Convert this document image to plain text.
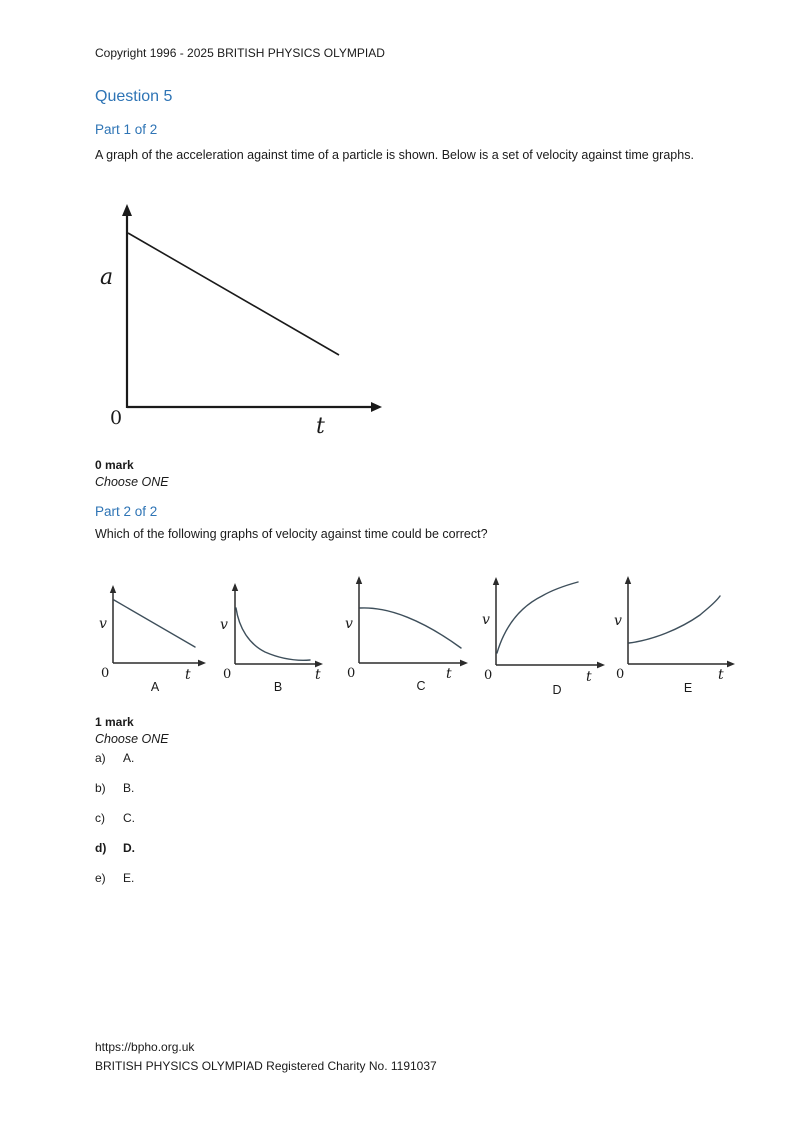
Copyright 1996 - 2025 BRITISH PHYSICS OLYMPIAD
Question 5
Part 1 of 2
A graph of the acceleration against time of a particle is shown. Below is a set of velocity against time graphs.
a
0	t
0 mark
Choose ONE
Part 2 of 2
Which of the following graphs of velocity against time could be correct?
v
0	t
A
v
0	t
B
v
0	t
C
v
0	t
D
v
0	t
E
1 mark
Choose ONE
a) A.
b) B.
c) C.
d) D.
e) E.
https://bpho.org.uk
BRITISH PHYSICS OLYMPIAD Registered Charity No. 1191037
